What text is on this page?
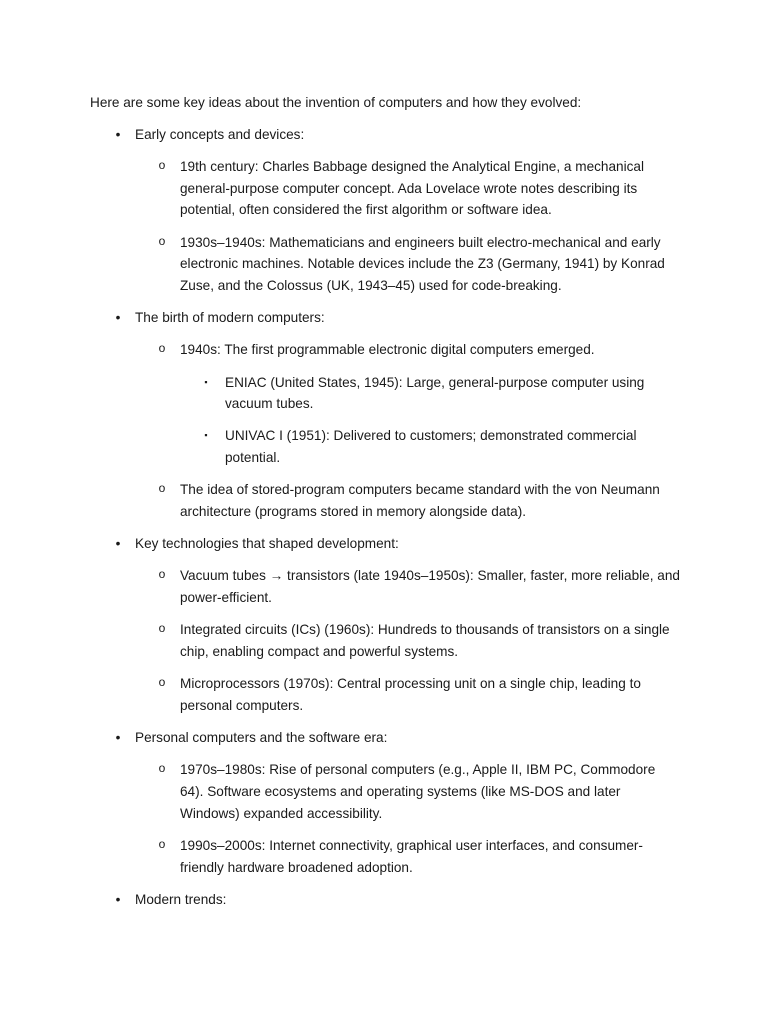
Here are some key ideas about the invention of computers and how they evolved:

•	Early concepts and devices:
o 19th century: Charles Babbage designed the Analytical Engine, a mechanical general-purpose computer concept. Ada Lovelace wrote notes describing its potential, often considered the first algorithm or software idea.
o 1930s–1940s: Mathematicians and engineers built electro-mechanical and early electronic machines. Notable devices include the Z3 (Germany, 1941) by Konrad Zuse, and the Colossus (UK, 1943–45) used for code-breaking.
•	The birth of modern computers:
o 1940s: The first programmable electronic digital computers emerged.
▪ ENIAC (United States, 1945): Large, general-purpose computer using vacuum tubes.
▪ UNIVAC I (1951): Delivered to customers; demonstrated commercial potential.
o The idea of stored-program computers became standard with the von Neumann architecture (programs stored in memory alongside data).
•	Key technologies that shaped development:
o Vacuum tubes → transistors (late 1940s–1950s): Smaller, faster, more reliable, and power-efficient.
o Integrated circuits (ICs) (1960s): Hundreds to thousands of transistors on a single chip, enabling compact and powerful systems.
o Microprocessors (1970s): Central processing unit on a single chip, leading to personal computers.
•	Personal computers and the software era:
o 1970s–1980s: Rise of personal computers (e.g., Apple II, IBM PC, Commodore 64). Software ecosystems and operating systems (like MS-DOS and later Windows) expanded accessibility.
o 1990s–2000s: Internet connectivity, graphical user interfaces, and consumer-friendly hardware broadened adoption.
•	Modern trends:
